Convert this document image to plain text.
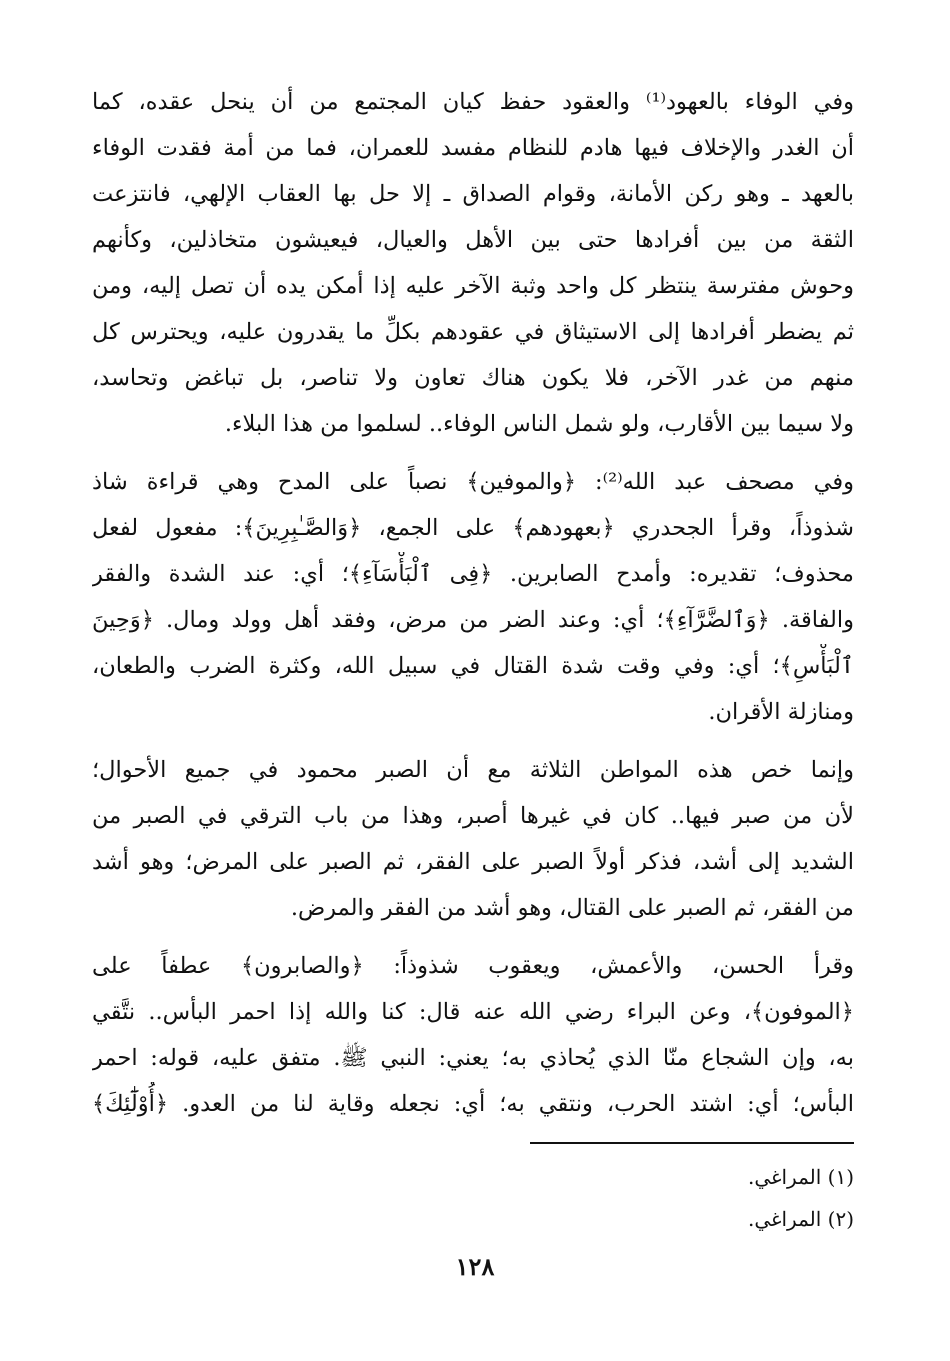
وفي الوفاء بالعهود⁽¹⁾ والعقود حفظ كيان المجتمع من أن ينحل عقده، كما
أن الغدر والإخلاف فيها هادم للنظام مفسد للعمران، فما من أمة فقدت الوفاء
بالعهد ـ وهو ركن الأمانة، وقوام الصداق ـ إلا حل بها العقاب الإلهي، فانتزعت
الثقة من بين أفرادها حتى بين الأهل والعيال، فيعيشون متخاذلين، وكأنهم
وحوش مفترسة ينتظر كل واحد وثبة الآخر عليه إذا أمكن يده أن تصل إليه، ومن
ثم يضطر أفرادها إلى الاستيثاق في عقودهم بكلِّ ما يقدرون عليه، ويحترس كل
منهم من غدر الآخر، فلا يكون هناك تعاون ولا تناصر، بل تباغض وتحاسد،
ولا سيما بين الأقارب، ولو شمل الناس الوفاء.. لسلموا من هذا البلاء.
وفي مصحف عبد الله⁽²⁾: ﴿والموفين﴾ نصباً على المدح وهي قراءة شاذ
شذوذاً، وقرأ الجحدري ﴿بعهودهم﴾ على الجمع، ﴿وَالصَّـٰبِرِينَ﴾: مفعول لفعل
محذوف؛ تقديره: وأمدح الصابرين. ﴿فِى ٱلْبَأْسَآءِ﴾؛ أي: عند الشدة والفقر
والفاقة. ﴿وَٱلضَّرَّآءِ﴾؛ أي: وعند الضر من مرض، وفقد أهل وولد ومال. ﴿وَحِينَ
ٱلْبَأْسِ﴾؛ أي: وفي وقت شدة القتال في سبيل الله، وكثرة الضرب والطعان،
ومنازلة الأقران.
وإنما خص هذه المواطن الثلاثة مع أن الصبر محمود في جميع الأحوال؛
لأن من صبر فيها.. كان في غيرها أصبر، وهذا من باب الترقي في الصبر من
الشديد إلى أشد، فذكر أولاً الصبر على الفقر، ثم الصبر على المرض؛ وهو أشد
من الفقر، ثم الصبر على القتال، وهو أشد من الفقر والمرض.
وقرأ الحسن، والأعمش، ويعقوب شذوذاً: ﴿والصابرون﴾ عطفاً على
﴿الموفون﴾، وعن البراء رضي الله عنه قال: كنا والله إذا احمر البأس.. نتَّقي
به، وإن الشجاع منّا الذي يُحاذي به؛ يعني: النبي ﷺ. متفق عليه، قوله: احمر
البأس؛ أي: اشتد الحرب، ونتقي به؛ أي: نجعله وقاية لنا من العدو. ﴿أُوْلَٰٓئِكَ﴾
(١) المراغي.
(٢) المراغي.
١٢٨
